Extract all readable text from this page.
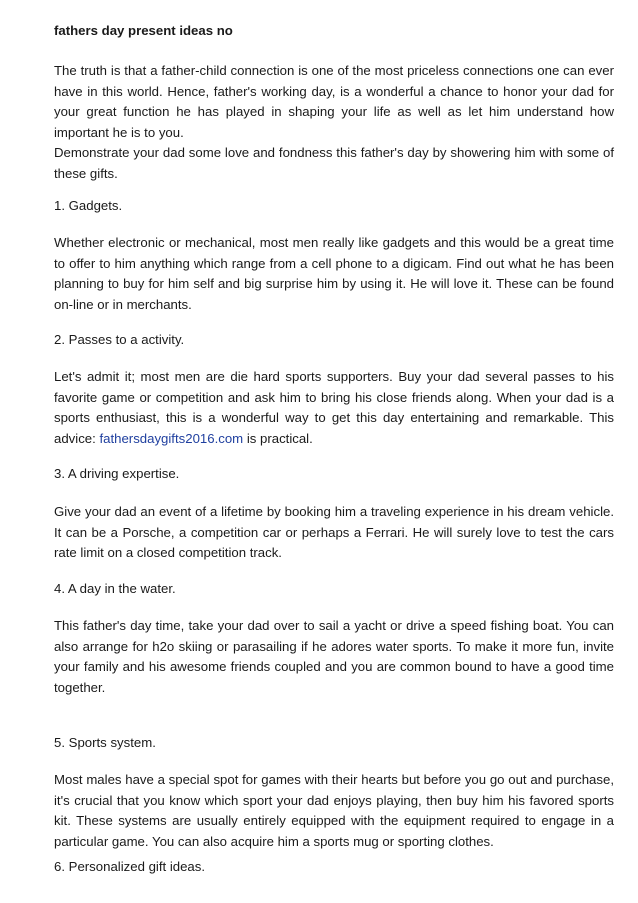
fathers day present ideas no

The truth is that a father-child connection is one of the most priceless connections one can ever have in this world. Hence, father's working day, is a wonderful a chance to honor your dad for your great function he has played in shaping your life as well as let him understand how important he is to you.
Demonstrate your dad some love and fondness this father's day by showering him with some of these gifts.

1. Gadgets.

Whether electronic or mechanical, most men really like gadgets and this would be a great time to offer to him anything which range from a cell phone to a digicam. Find out what he has been planning to buy for him self and big surprise him by using it. He will love it. These can be found on-line or in merchants.

2. Passes to a activity.

Let's admit it; most men are die hard sports supporters. Buy your dad several passes to his favorite game or competition and ask him to bring his close friends along. When your dad is a sports enthusiast, this is a wonderful way to get this day entertaining and remarkable. This advice: fathersdaygifts2016.com is practical.

3. A driving expertise.

Give your dad an event of a lifetime by booking him a traveling experience in his dream vehicle. It can be a Porsche, a competition car or perhaps a Ferrari. He will surely love to test the cars rate limit on a closed competition track.

4. A day in the water.

This father's day time, take your dad over to sail a yacht or drive a speed fishing boat. You can also arrange for h2o skiing or parasailing if he adores water sports. To make it more fun, invite your family and his awesome friends coupled and you are common bound to have a good time together.

5. Sports system.

Most males have a special spot for games with their hearts but before you go out and purchase, it's crucial that you know which sport your dad enjoys playing, then buy him his favored sports kit. These systems are usually entirely equipped with the equipment required to engage in a particular game. You can also acquire him a sports mug or sporting clothes.

6. Personalized gift ideas.
